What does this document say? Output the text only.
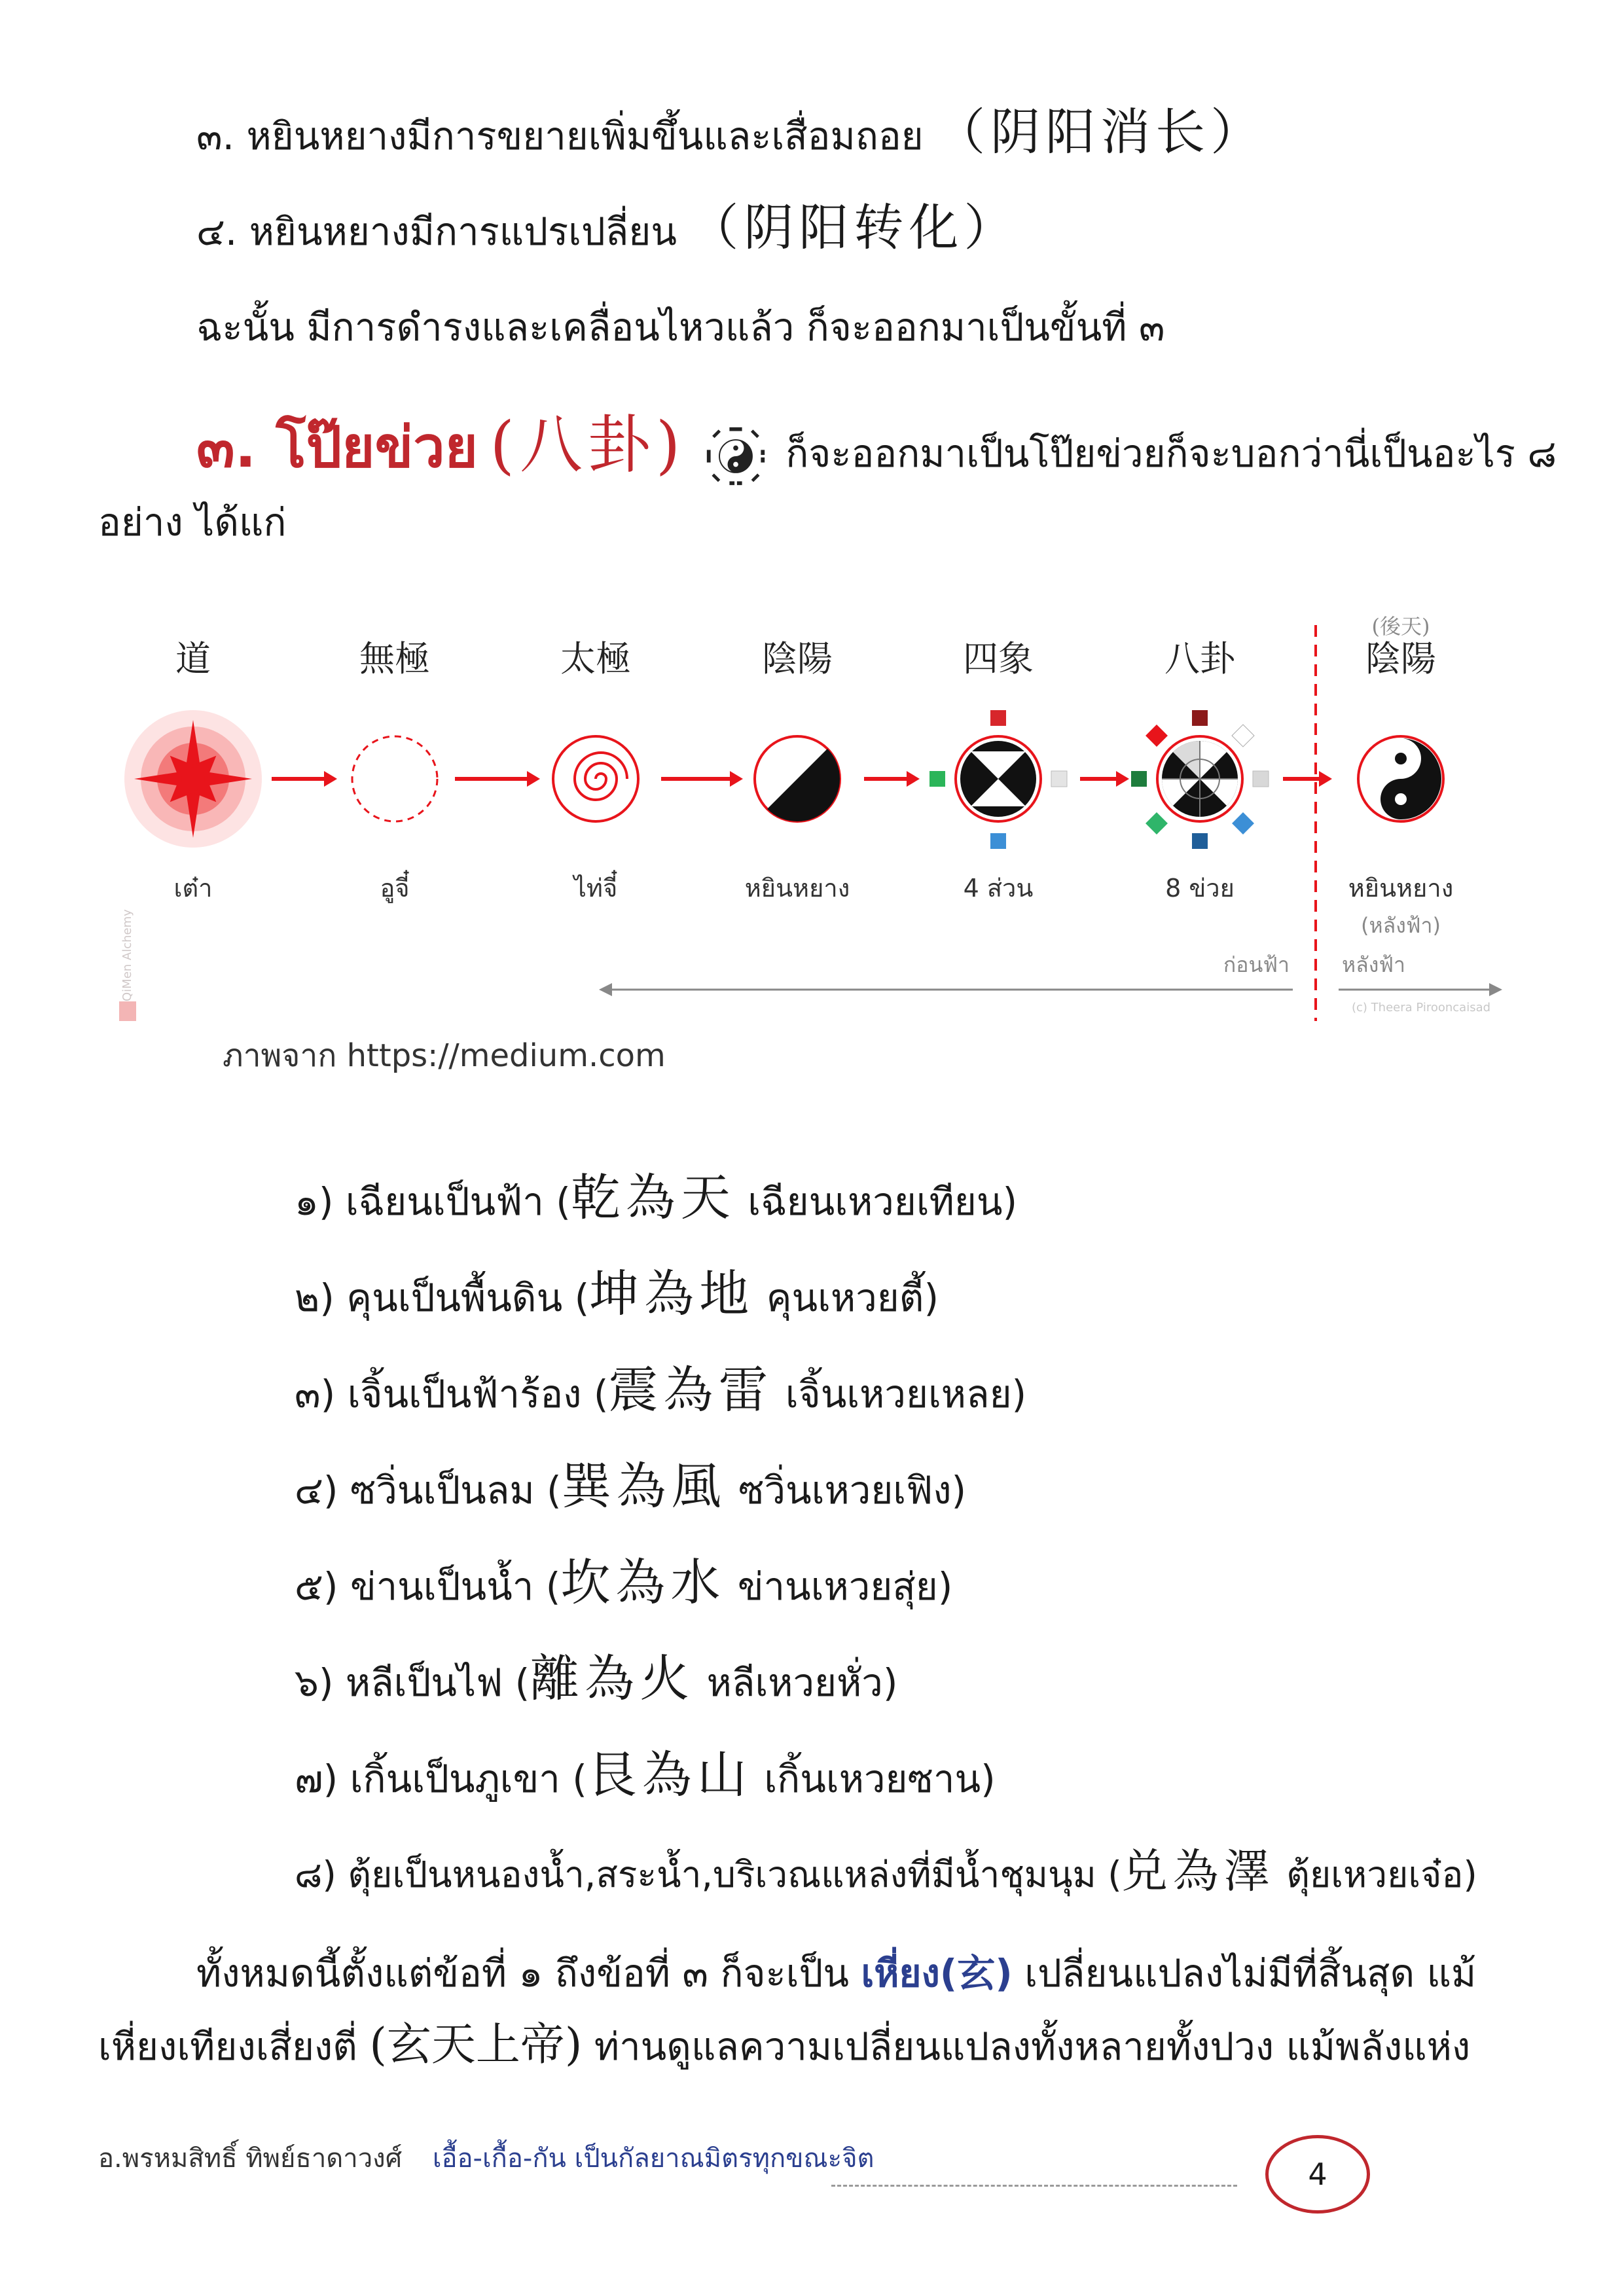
๓. หยินหยางมีการขยายเพิ่มขึ้นและเสื่อมถอย （阴阳消长）
๔. หยินหยางมีการแปรเปลี่ยน （阴阳转化）
ฉะนั้น มีการดำรงและเคลื่อนไหวแล้ว ก็จะออกมาเป็นขั้นที่ ๓
๓. โป๊ยข่วย (八卦)	ก็จะออกมาเป็นโป๊ยข่วยก็จะบอกว่านี่เป็นอะไร ๘
อย่าง ได้แก่
道	無極	太極	陰陽	四象	八卦	陰陽
(後天)
เต๋า	อูจี๋	ไท่จี๋	หยินหยาง	4 ส่วน	8 ข่วย	หยินหยาง
(หลังฟ้า)
ก่อนฟ้า	หลังฟ้า
(c) Theera Pirooncaisad
QiMen Alchemy
ภาพจาก https://medium.com
๑) เฉียนเป็นฟ้า (乾為天 เฉียนเหวยเทียน)
๒) คุนเป็นพื้นดิน (坤為地 คุนเหวยตี้)
๓) เจิ้นเป็นฟ้าร้อง (震為雷 เจิ้นเหวยเหลย)
๔) ซวิ่นเป็นลม (巽為風 ซวิ่นเหวยเฟิง)
๕) ข่านเป็นน้ำ (坎為水 ข่านเหวยสุ่ย)
๖) หลีเป็นไฟ (離為火 หลีเหวยหั่ว)
๗) เกิ้นเป็นภูเขา (艮為山 เกิ้นเหวยซาน)
๘) ตุ้ยเป็นหนองน้ำ,สระน้ำ,บริเวณแหล่งที่มีน้ำชุมนุม (兑為澤 ตุ้ยเหวยเจ๋อ)
ทั้งหมดนี้ตั้งแต่ข้อที่ ๑ ถึงข้อที่ ๓ ก็จะเป็น เหี่ยง(玄) เปลี่ยนแปลงไม่มีที่สิ้นสุด แม้
เหี่ยงเทียงเสี่ยงตี่ (玄天上帝) ท่านดูแลความเปลี่ยนแปลงทั้งหลายทั้งปวง แม้พลังแห่ง
อ.พรหมสิทธิ์ ทิพย์ธาดาวงศ์ เอื้อ-เกื้อ-กัน เป็นกัลยาณมิตรทุกขณะจิต	4
